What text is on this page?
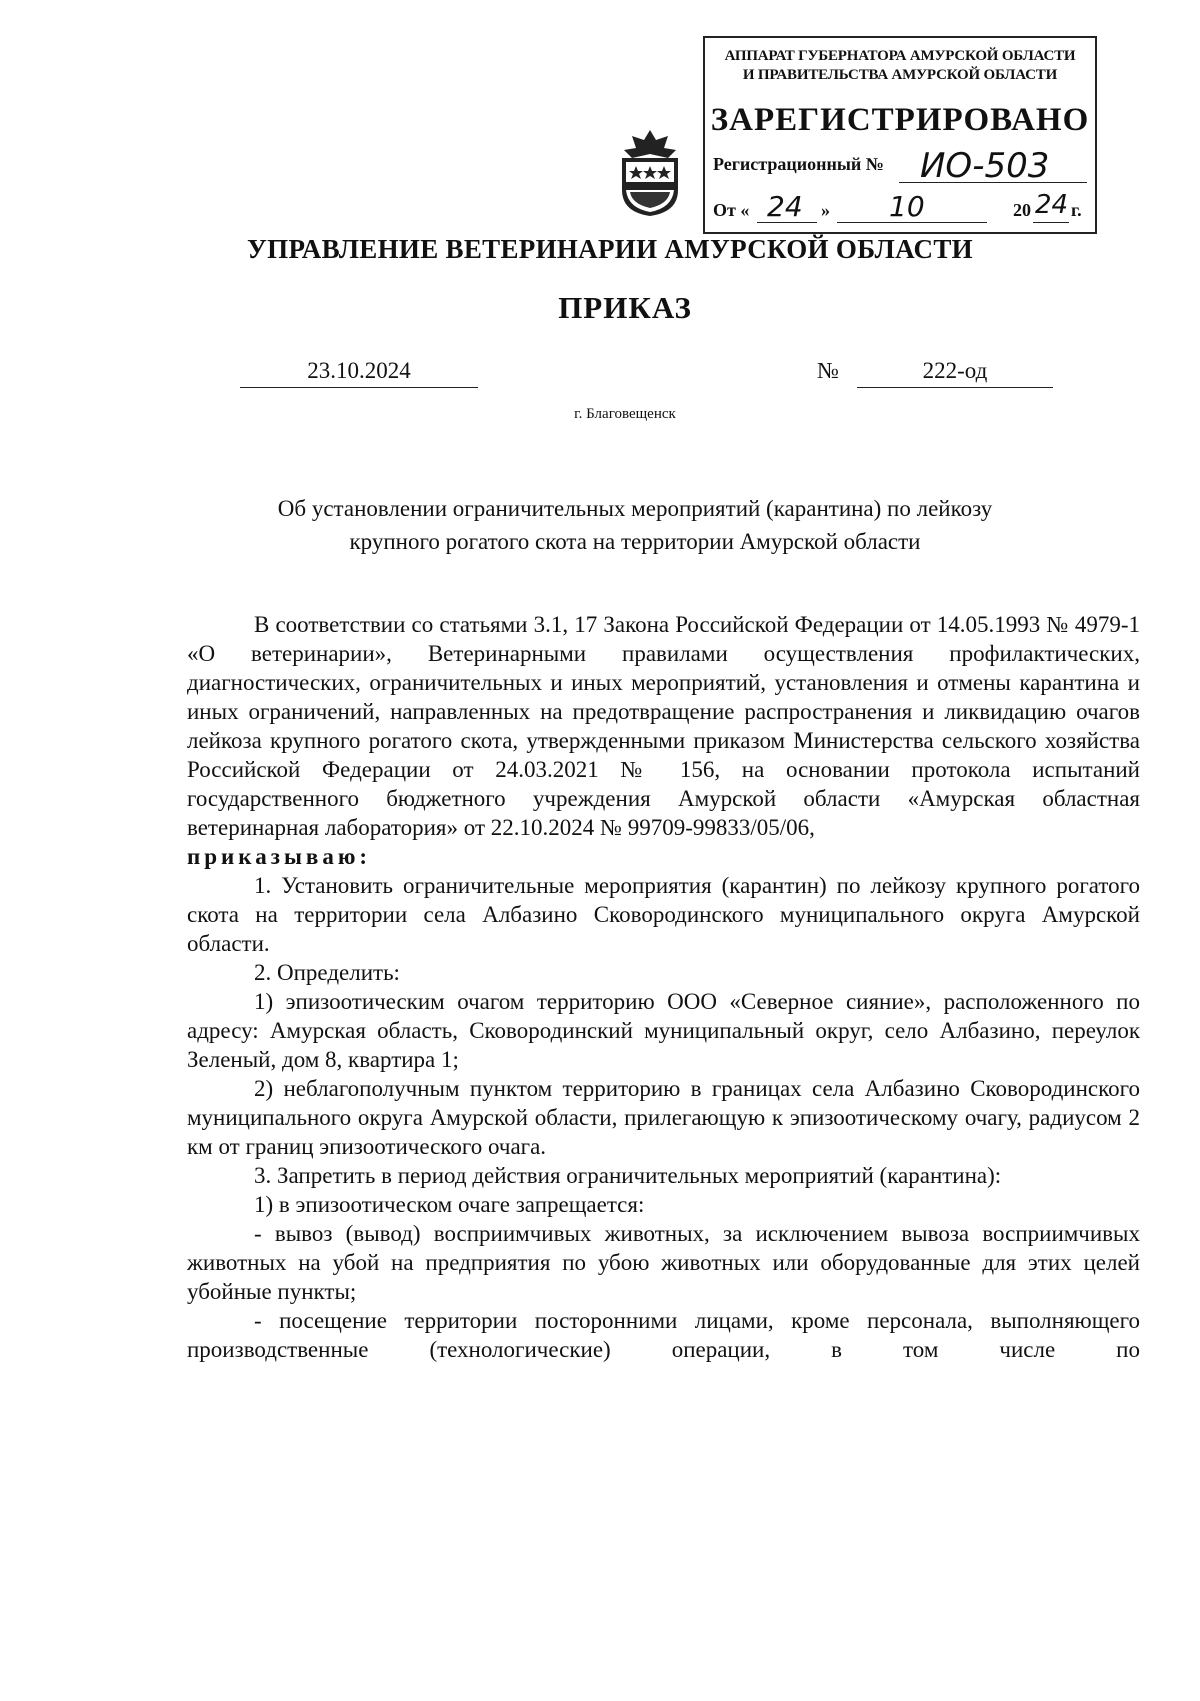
АППАРАТ ГУБЕРНАТОРА АМУРСКОЙ ОБЛАСТИ
И ПРАВИТЕЛЬСТВА АМУРСКОЙ ОБЛАСТИ
ЗАРЕГИСТРИРОВАНО
Регистрационный № ИО-503
От « 24 » 10	20 24 г.
УПРАВЛЕНИЕ ВЕТЕРИНАРИИ АМУРСКОЙ ОБЛАСТИ
ПРИКАЗ
23.10.2024	№	222-од
г. Благовещенск
Об установлении ограничительных мероприятий (карантина) по лейкозу
крупного рогатого скота на территории Амурской области

В соответствии со статьями 3.1, 17 Закона Российской Федерации от 14.05.1993 № 4979-1 «О ветеринарии», Ветеринарными правилами осуществления профилактических, диагностических, ограничительных и иных мероприятий, установления и отмены карантина и иных ограничений, направленных на предотвращение распространения и ликвидацию очагов лейкоза крупного рогатого скота, утвержденными приказом Министерства сельского хозяйства Российской Федерации от 24.03.2021 № 156, на основании протокола испытаний государственного бюджетного учреждения Амурской области «Амурская областная ветеринарная лаборатория» от 22.10.2024 № 99709-99833/05/06,

приказываю:

1. Установить ограничительные мероприятия (карантин) по лейкозу крупного рогатого скота на территории села Албазино Сковородинского муниципального округа Амурской области.

2. Определить:

1) эпизоотическим очагом территорию ООО «Северное сияние», расположенного по адресу: Амурская область, Сковородинский муниципальный округ, село Албазино, переулок Зеленый, дом 8, квартира 1;

2) неблагополучным пунктом территорию в границах села Албазино Сковородинского муниципального округа Амурской области, прилегающую к эпизоотическому очагу, радиусом 2 км от границ эпизоотического очага.

3. Запретить в период действия ограничительных мероприятий (карантина):

1) в эпизоотическом очаге запрещается:

- вывоз (вывод) восприимчивых животных, за исключением вывоза восприимчивых животных на убой на предприятия по убою животных или оборудованные для этих целей убойные пункты;

- посещение территории посторонними лицами, кроме персонала, выполняющего производственные (технологические) операции, в том числе по
